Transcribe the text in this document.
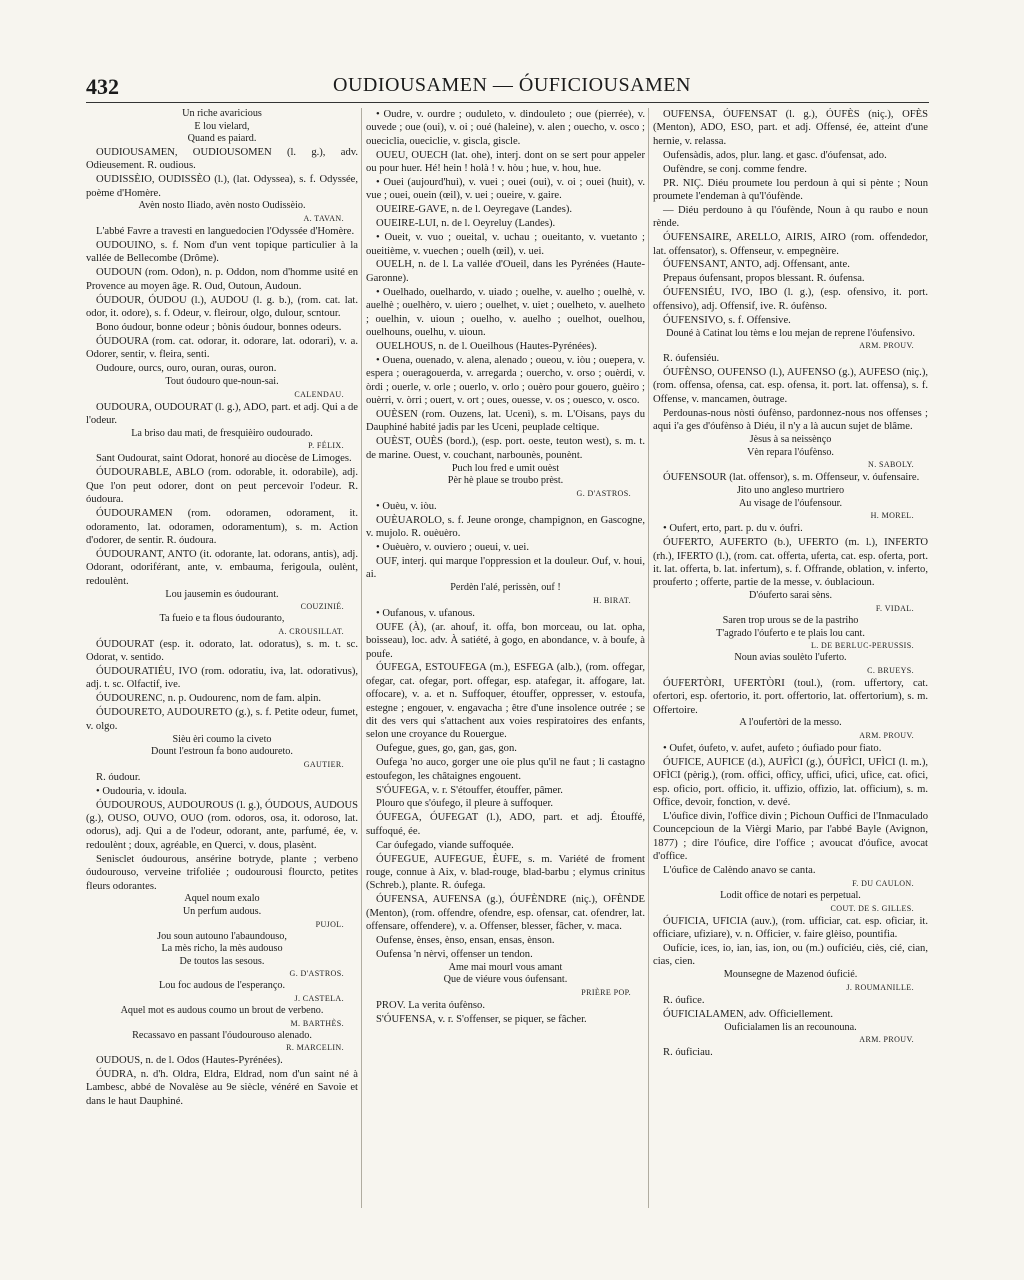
432	OUDIOUSAMEN — ÓUFICIOUSAMEN

Un riche avaricious

E lou vielard,

Quand es paiard.

OUDIOUSAMEN, OUDIOUSOMEN (l. g.), adv. Odieusement. R. oudious.

OUDISSÈIO, OUDISSÈO (l.), (lat. Odyssea), s. f. Odyssée, poème d'Homère.

Avèn nosto Iliado, avèn nosto Oudissèio.

A. TAVAN.

L'abbé Favre a travesti en languedocien l'Odyssée d'Homère.

OUDOUINO, s. f. Nom d'un vent topique particulier à la vallée de Bellecombe (Drôme).

OUDOUN (rom. Odon), n. p. Oddon, nom d'homme usité en Provence au moyen âge. R. Oud, Outoun, Audoun.

ÓUDOUR, ÓUDOU (l.), AUDOU (l. g. b.), (rom. cat. lat. odor, it. odore), s. f. Odeur, v. fleirour, olgo, dulour, scntour.

Bono óudour, bonne odeur ; bònis óudour, bonnes odeurs.

ÓUDOURA (rom. cat. odorar, it. odorare, lat. odorari), v. a. Odorer, sentir, v. fleira, senti.

Oudoure, ourcs, ouro, ouran, ouras, ouron.

Tout óudouro que-noun-sai.

CALENDAU.

OUDOURA, OUDOURAT (l. g.), ADO, part. et adj. Qui a de l'odeur.

La briso dau mati, de fresquièiro oudourado.

P. FÉLIX.

Sant Oudourat, saint Odorat, honoré au diocèse de Limoges.

ÓUDOURABLE, ABLO (rom. odorable, it. odorabile), adj. Que l'on peut odorer, dont on peut percevoir l'odeur. R. óudoura.

ÓUDOURAMEN (rom. odoramen, odorament, it. odoramento, lat. odoramen, odoramentum), s. m. Action d'odorer, de sentir. R. óudoura.

ÓUDOURANT, ANTO (it. odorante, lat. odorans, antis), adj. Odorant, odoriférant, ante, v. embauma, ferigoula, oulènt, redoulènt.

Lou jausemin es óudourant.

COUZINIÉ.

Ta fueio e ta flous óudouranto,

A. CROUSILLAT.

ÓUDOURAT (esp. it. odorato, lat. odoratus), s. m. t. sc. Odorat, v. sentido.

ÓUDOURATIÉU, IVO (rom. odoratiu, iva, lat. odorativus), adj. t. sc. Olfactif, ive.

ÓUDOURENC, n. p. Oudourenc, nom de fam. alpin.

ÓUDOURETO, AUDOURETO (g.), s. f. Petite odeur, fumet, v. olgo.

Sièu èri coumo la civeto

Dount l'estroun fa bono audoureto.

GAUTIER.

R. óudour.

• Oudouria, v. idoula.

ÓUDOUROUS, AUDOUROUS (l. g.), ÓUDOUS, AUDOUS (g.), OUSO, OUVO, OUO (rom. odoros, osa, it. odoroso, lat. odorus), adj. Qui a de l'odeur, odorant, ante, parfumé, ée, v. redoulènt ; doux, agréable, en Querci, v. dous, plasènt.

Senisclet óudourous, ansérine botryde, plante ; verbeno óudourouso, verveine trifoliée ; oudourousi flourcto, petites fleurs odorantes.

Aquel noum exalo

Un perfum audous.

PUJOL.

Jou soun autouno l'abaundouso,

La mès richo, la mès audouso

De toutos las sesous.

G. D'ASTROS.

Lou foc audous de l'esperanço.

J. CASTELA.

Aquel mot es audous coumo un brout de verbeno.

M. BARTHÈS.

Recassavo en passant l'óudourouso alenado.

R. MARCELIN.

OUDOUS, n. de l. Odos (Hautes-Pyrénées).

ÓUDRA, n. d'h. Oldra, Eldra, Eldrad, nom d'un saint né à Lambesc, abbé de Novalèse au 9e siècle, vénéré en Savoie et dans le haut Dauphiné.

• Oudre, v. ourdre ; ouduleto, v. dindouleto ; oue (pierrée), v. ouvede ; oue (oui), v. oi ; oué (haleine), v. alen ; ouecho, v. osco ; oueciclia, oueciclie, v. giscla, giscle.

OUEU, OUECH (lat. ohe), interj. dont on se sert pour appeler ou pour huer. Hé! hein ! holà ! v. hòu ; hue, v. hou, hue.

• Ouei (aujourd'hui), v. vuei ; ouei (oui), v. oi ; ouei (huit), v. vue ; ouei, ouein (œil), v. uei ; oueire, v. gaire.

OUEIRE-GAVE, n. de l. Oeyregave (Landes).

OUEIRE-LUI, n. de l. Oeyreluy (Landes).

• Oueit, v. vuo ; oueital, v. uchau ; oueitanto, v. vuetanto ; oueitième, v. vuechen ; ouelh (œil), v. uei.

OUELH, n. de l. La vallée d'Oueil, dans les Pyrénées (Haute-Garonne).

• Ouelhado, ouelhardo, v. uiado ; ouelhe, v. auelho ; ouelhè, v. auelhè ; ouelhèro, v. uiero ; ouelhet, v. uiet ; ouelheto, v. auelheto ; ouelhin, v. uioun ; ouelho, v. auelho ; ouelhot, ouelhou, ouelhouns, ouelhu, v. uioun.

OUELHOUS, n. de l. Oueilhous (Hautes-Pyrénées).

• Ouena, ouenado, v. alena, alenado ; oueou, v. iòu ; ouepera, v. espera ; oueragouerda, v. arregarda ; ouercho, v. orso ; ouèrdi, v. òrdi ; ouerle, v. orle ; ouerlo, v. orlo ; ouèro pour gouero, guèiro ; ouèrri, v. òrri ; ouert, v. ort ; oues, ouesse, v. os ; ouesco, v. osco.

OUÈSEN (rom. Ouzens, lat. Ucenì), s. m. L'Oisans, pays du Dauphiné habité jadis par les Uceni, peuplade celtique.

OUÈST, OUÈS (bord.), (esp. port. oeste, teuton west), s. m. t. de marine. Ouest, v. couchant, narbounès, pounènt.

Puch lou fred e umit ouèst

Pèr hè plaue se troubo prèst.

G. D'ASTROS.

• Ouèu, v. iòu.

OUÈUAROLO, s. f. Jeune oronge, champignon, en Gascogne, v. mujolo. R. ouèuèro.

• Ouèuèro, v. ouviero ; oueui, v. uei.

OUF, interj. qui marque l'oppression et la douleur. Ouf, v. houi, ai.

Perdèn l'alé, perissèn, ouf !

H. BIRAT.

• Oufanous, v. ufanous.

OUFE (À), (ar. ahouf, it. offa, bon morceau, ou lat. opha, boisseau), loc. adv. À satiété, à gogo, en abondance, v. à boufe, à poufe.

ÓUFEGA, ESTOUFEGA (m.), ESFEGA (alb.), (rom. offegar, ofegar, cat. ofegar, port. offegar, esp. atafegar, it. affogare, lat. offocare), v. a. et n. Suffoquer, étouffer, oppresser, v. estoufa, estegne ; engouer, v. engavacha ; être d'une insolence outrée ; se dit des vers qui s'attachent aux voies respiratoires des enfants, selon une croyance du Rouergue.

Oufegue, gues, go, gan, gas, gon.

Oufega 'no auco, gorger une oie plus qu'il ne faut ; li castagno estoufegon, les châtaignes engouent.

S'ÓUFEGA, v. r. S'étouffer, étouffer, pâmer.

Plouro que s'óufego, il pleure à suffoquer.

ÓUFEGA, ÓUFEGAT (l.), ADO, part. et adj. Étouffé, suffoqué, ée.

Car óufegado, viande suffoquée.

ÓUFEGUE, AUFEGUE, ÈUFE, s. m. Variété de froment rouge, connue à Aix, v. blad-rouge, blad-barbu ; elymus crinitus (Schreb.), plante. R. óufega.

ÓUFENSA, AUFENSA (g.), ÓUFÈNDRE (niç.), OFÈNDE (Menton), (rom. offendre, ofendre, esp. ofensar, cat. ofendrer, lat. offensare, offendere), v. a. Offenser, blesser, fâcher, v. maca.

Oufense, ènses, ènso, ensan, ensas, ènson.

Oufensa 'n nèrvi, offenser un tendon.

Ame mai mourl vous amant

Que de viéure vous óufensant.

PRIÈRE POP.

PROV. La verita óufènso.

S'ÓUFENSA, v. r. S'offenser, se piquer, se fâcher.

OUFENSA, ÓUFENSAT (l. g.), ÓUFÈS (niç.), OFÈS (Menton), ADO, ESO, part. et adj. Offensé, ée, atteint d'une hernie, v. relassa.

Oufensàdis, ados, plur. lang. et gasc. d'óufensat, ado.

Oufèndre, se conj. comme fendre.

PR. NIÇ. Diéu proumete lou perdoun à qui si pènte ; Noun proumete l'endeman à qu'l'óufènde.

— Diéu perdouno à qu l'óufènde, Noun à qu raubo e noun rènde.

ÓUFENSAIRE, ARELLO, AIRIS, AIRO (rom. offendedor, lat. offensator), s. Offenseur, v. empegnèire.

ÓUFENSANT, ANTO, adj. Offensant, ante.

Prepaus óufensant, propos blessant. R. óufensa.

ÓUFENSIÉU, IVO, IBO (l. g.), (esp. ofensivo, it. port. offensivo), adj. Offensif, ive. R. óufènso.

ÓUFENSIVO, s. f. Offensive.

Douné à Catinat lou tèms e lou mejan de reprene l'óufensivo.

ARM. PROUV.

R. óufensiéu.

ÓUFÈNSO, OUFENSO (l.), AUFENSO (g.), AUFESO (niç.), (rom. offensa, ofensa, cat. esp. ofensa, it. port. lat. offensa), s. f. Offense, v. mancamen, òutrage.

Perdounas-nous nòsti óufènso, pardonnez-nous nos offenses ; aqui i'a ges d'óufènso à Diéu, il n'y a là aucun sujet de blâme.

Jèsus à sa neissènço

Vèn repara l'óufènso.

N. SABOLY.

ÓUFENSOUR (lat. offensor), s. m. Offenseur, v. óufensaire.

Jito uno angleso murtriero

Au visage de l'óufensour.

H. MOREL.

• Oufert, erto, part. p. du v. óufri.

ÓUFERTO, AUFERTO (b.), UFERTO (m. l.), INFERTO (rh.), IFERTO (l.), (rom. cat. offerta, uferta, cat. esp. oferta, port. it. lat. offerta, b. lat. infertum), s. f. Offrande, oblation, v. inferto, prouferto ; offerte, partie de la messe, v. óublacioun.

D'óuferto sarai sèns.

F. VIDAL.

Saren trop urous se de la pastriho

T'agrado l'óuferto e te plais lou cant.

L. DE BERLUC-PERUSSIS.

Noun avias soulèto l'uferto.

C. BRUEYS.

ÓUFERTÒRI, UFERTÒRI (toul.), (rom. uffertory, cat. ofertori, esp. ofertorio, it. port. offertorio, lat. offertorium), s. m. Offertoire.

A l'oufertòri de la messo.

ARM. PROUV.

• Oufet, óufeto, v. aufet, aufeto ; óufiado pour fiato.

ÓUFICE, AUFICE (d.), AUFÌCI (g.), ÓUFÌCI, UFÌCI (l. m.), OFÌCI (pèrig.), (rom. offici, officy, uffici, ufici, ufice, cat. ofici, esp. oficio, port. officio, it. uffizio, offizio, lat. officium), s. m. Office, devoir, fonction, v. devé.

L'óufice divin, l'office divin ; Pichoun Ouffici de l'Inmaculado Councepcioun de la Vièrgi Mario, par l'abbé Bayle (Avignon, 1877) ; dire l'óufice, dire l'office ; avoucat d'óufice, avocat d'office.

L'óufice de Calèndo anavo se canta.

F. DU CAULON.

Lodit office de notari es perpetual.

COUT. DE S. GILLES.

ÓUFICIA, UFICIA (auv.), (rom. ufficiar, cat. esp. oficiar, it. officiare, ufiziare), v. n. Officier, v. faire glèiso, pountifia.

Oufície, ices, io, ian, ias, ion, ou (m.) oufíciéu, ciès, cié, cian, cias, cien.

Mounsegne de Mazenod óuficié.

J. ROUMANILLE.

R. óufice.

ÓUFICIALAMEN, adv. Officiellement.

Ouficialamen lis an recounouna.

ARM. PROUV.

R. óuficiau.
